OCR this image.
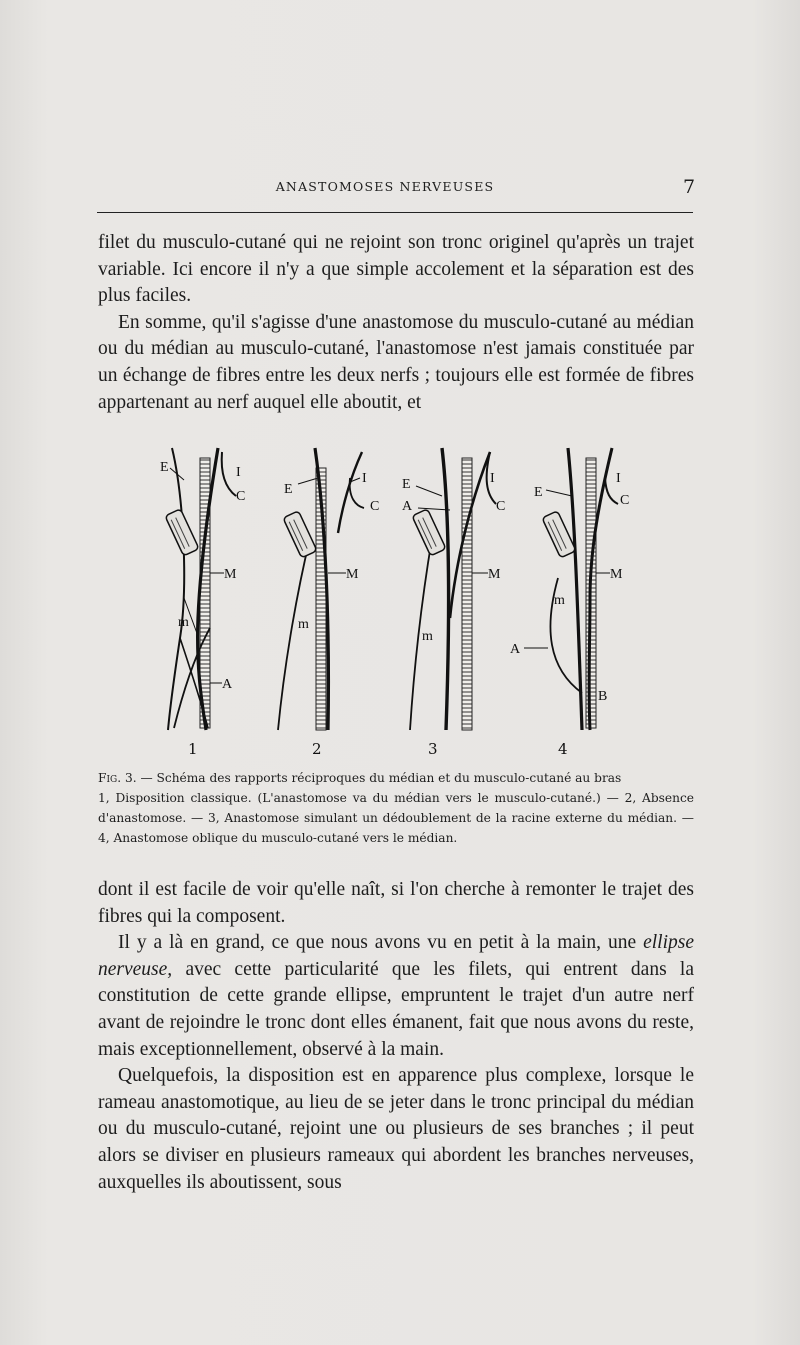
ANASTOMOSES NERVEUSES	7

filet du musculo-cutané qui ne rejoint son tronc originel qu'après un trajet variable. Ici encore il n'y a que simple accolement et la séparation est des plus faciles.

En somme, qu'il s'agisse d'une anastomose du musculo-cutané au médian ou du médian au musculo-cutané, l'anastomose n'est jamais constituée par un échange de fibres entre les deux nerfs ; toujours elle est formée de fibres appartenant au nerf auquel elle aboutit, et

E	I
C
M
m
A
1
E
I
C
M
m
2
E
A
I
C
M
m
3
E
I
C
M
m
A
B
4

Fig. 3. — Schéma des rapports réciproques du médian et du musculo-cutané au bras

1, Disposition classique. (L'anastomose va du médian vers le musculo-cutané.) — 2, Absence d'anastomose. — 3, Anastomose simulant un dédoublement de la racine externe du médian. — 4, Anastomose oblique du musculo-cutané vers le médian.

dont il est facile de voir qu'elle naît, si l'on cherche à remonter le trajet des fibres qui la composent.

Il y a là en grand, ce que nous avons vu en petit à la main, une ellipse nerveuse, avec cette particularité que les filets, qui entrent dans la constitution de cette grande ellipse, empruntent le trajet d'un autre nerf avant de rejoindre le tronc dont elles émanent, fait que nous avons du reste, mais exceptionnellement, observé à la main.

Quelquefois, la disposition est en apparence plus complexe, lorsque le rameau anastomotique, au lieu de se jeter dans le tronc principal du médian ou du musculo-cutané, rejoint une ou plusieurs de ses branches ; il peut alors se diviser en plusieurs rameaux qui abordent les branches nerveuses, auxquelles ils aboutissent, sous
